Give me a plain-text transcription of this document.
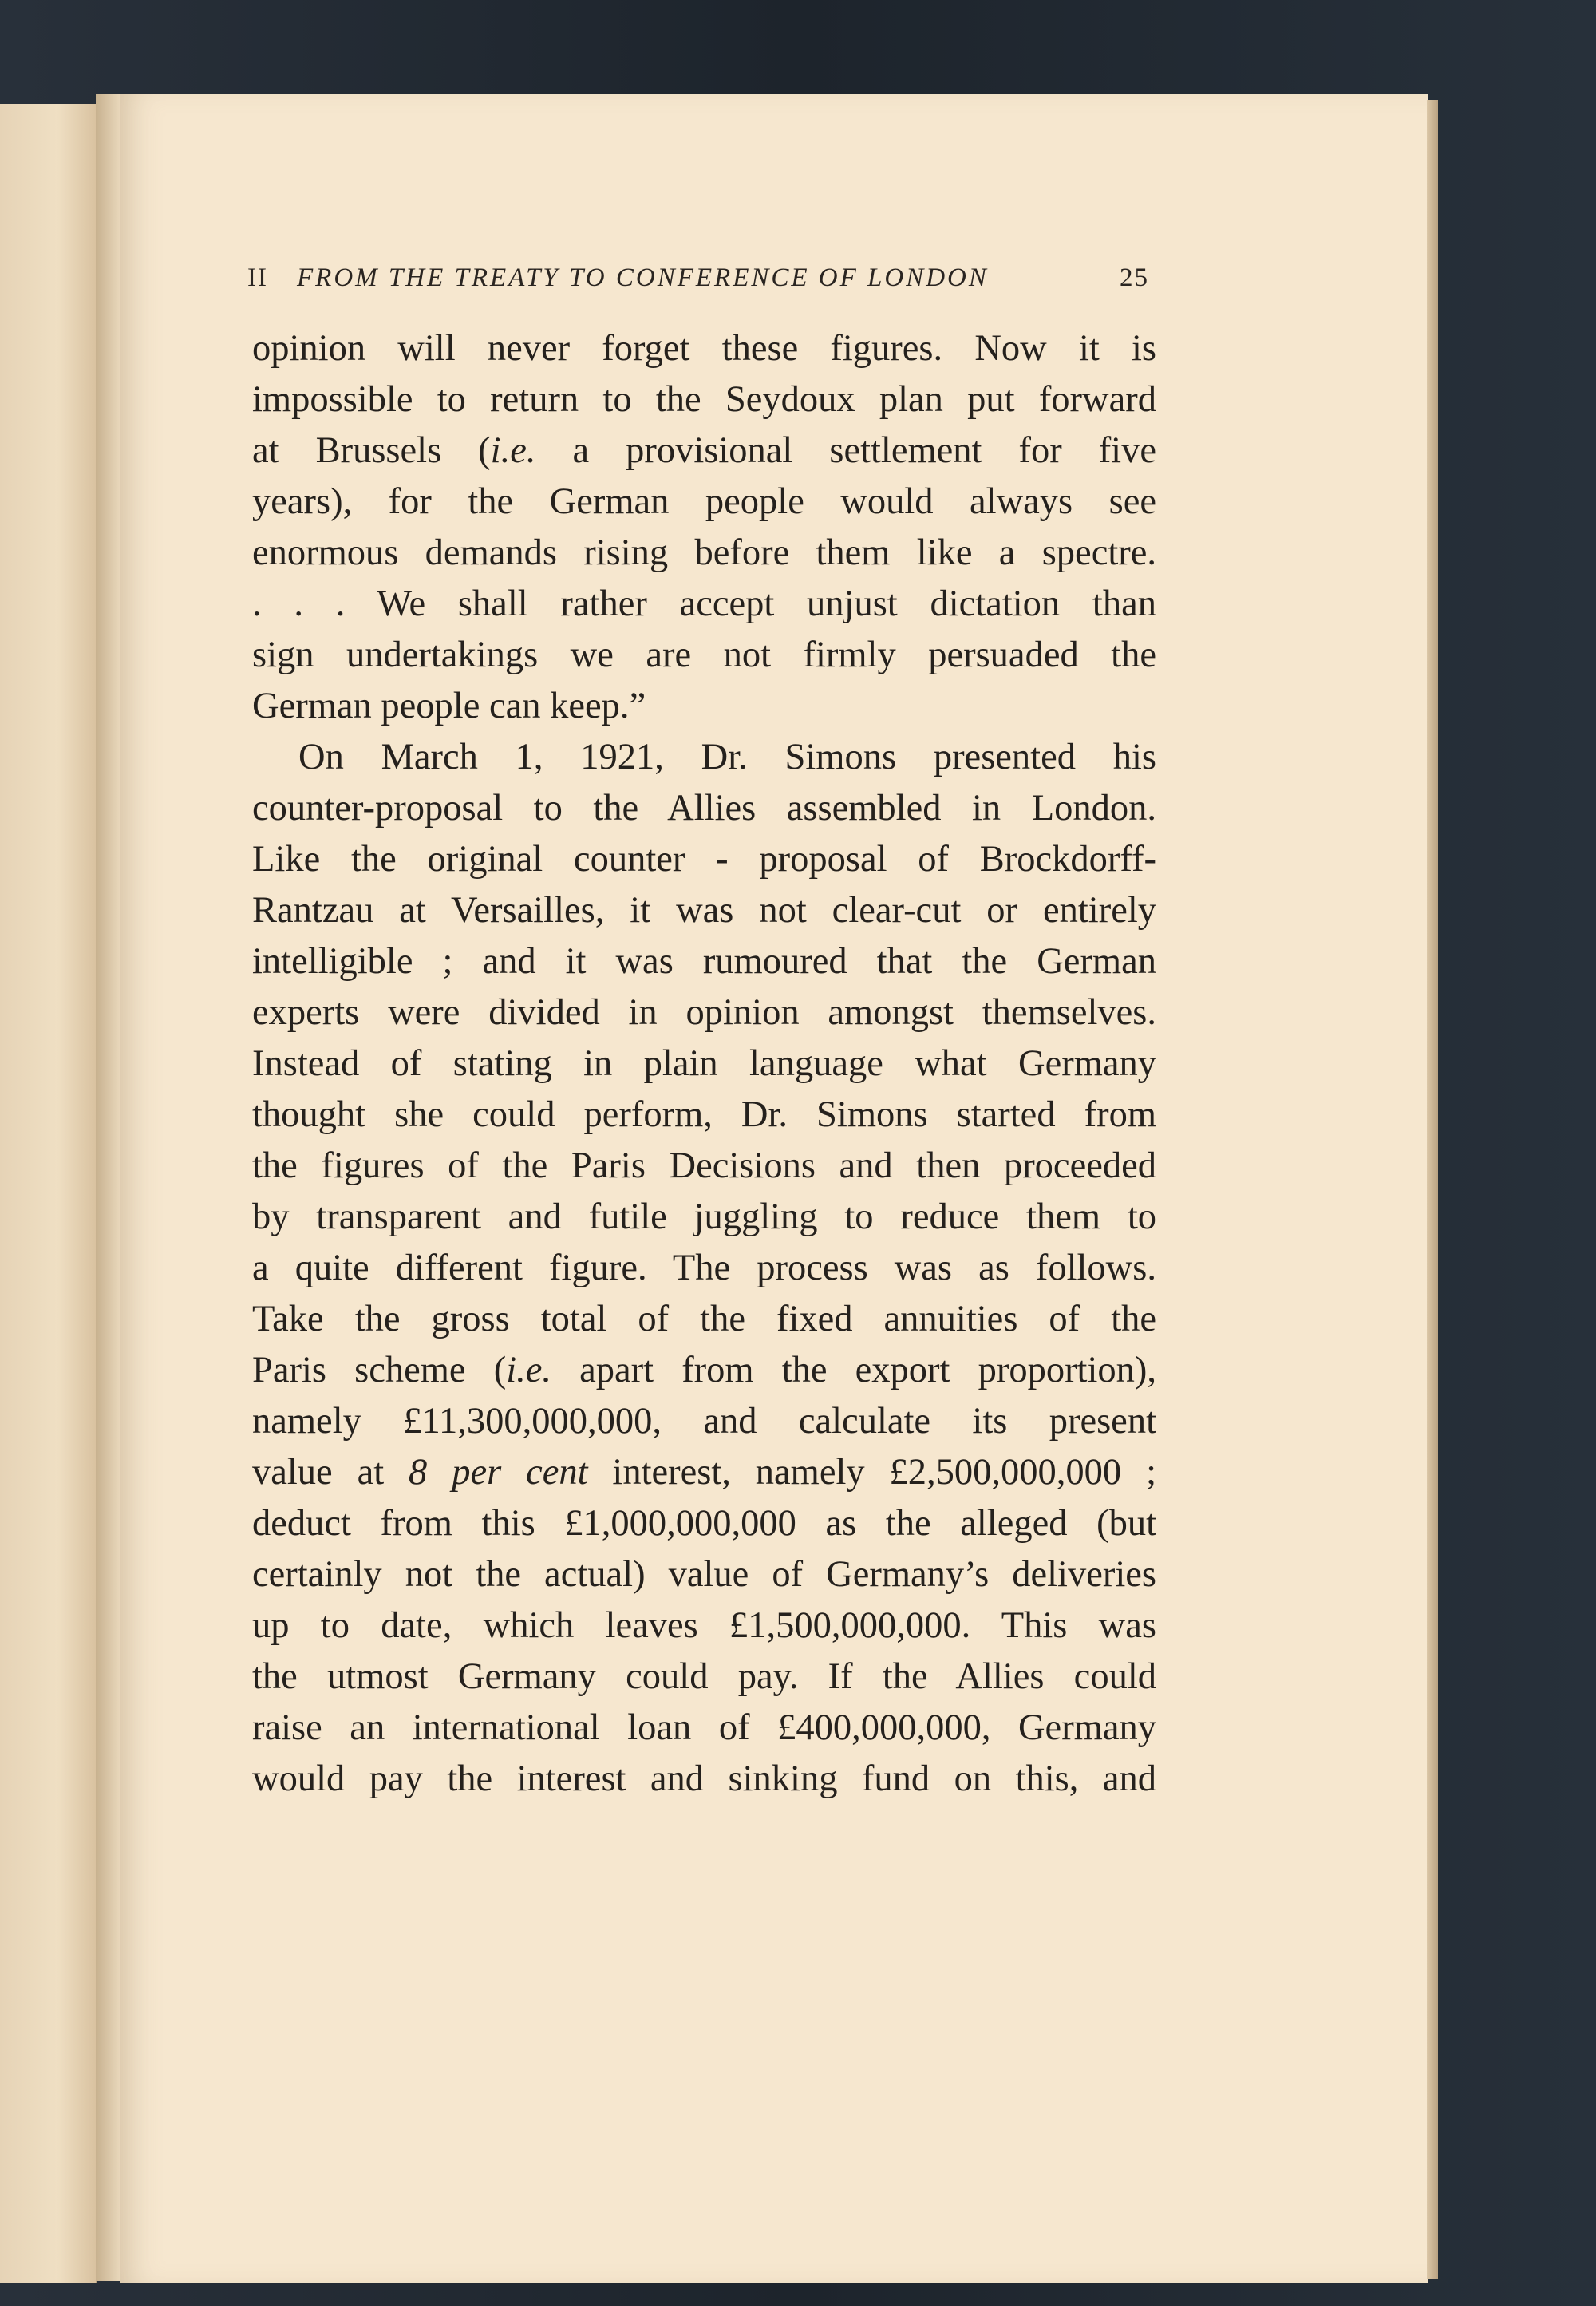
II FROM THE TREATY TO CONFERENCE OF LONDON	25
opinion will never forget these figures. Now it is
impossible to return to the Seydoux plan put forward
at Brussels (i.e. a provisional settlement for five
years), for the German people would always see
enormous demands rising before them like a spectre.
. . . We shall rather accept unjust dictation than
sign undertakings we are not firmly persuaded the
German people can keep.”
On March 1, 1921, Dr. Simons presented his
counter-proposal to the Allies assembled in London.
Like the original counter - proposal of Brockdorff-
Rantzau at Versailles, it was not clear-cut or entirely
intelligible ; and it was rumoured that the German
experts were divided in opinion amongst themselves.
Instead of stating in plain language what Germany
thought she could perform, Dr. Simons started from
the figures of the Paris Decisions and then proceeded
by transparent and futile juggling to reduce them to
a quite different figure. The process was as follows.
Take the gross total of the fixed annuities of the
Paris scheme (i.e. apart from the export proportion),
namely £11,300,000,000, and calculate its present
value at 8 per cent interest, namely £2,500,000,000 ;
deduct from this £1,000,000,000 as the alleged (but
certainly not the actual) value of Germany’s deliveries
up to date, which leaves £1,500,000,000. This was
the utmost Germany could pay. If the Allies could
raise an international loan of £400,000,000, Germany
would pay the interest and sinking fund on this, and
